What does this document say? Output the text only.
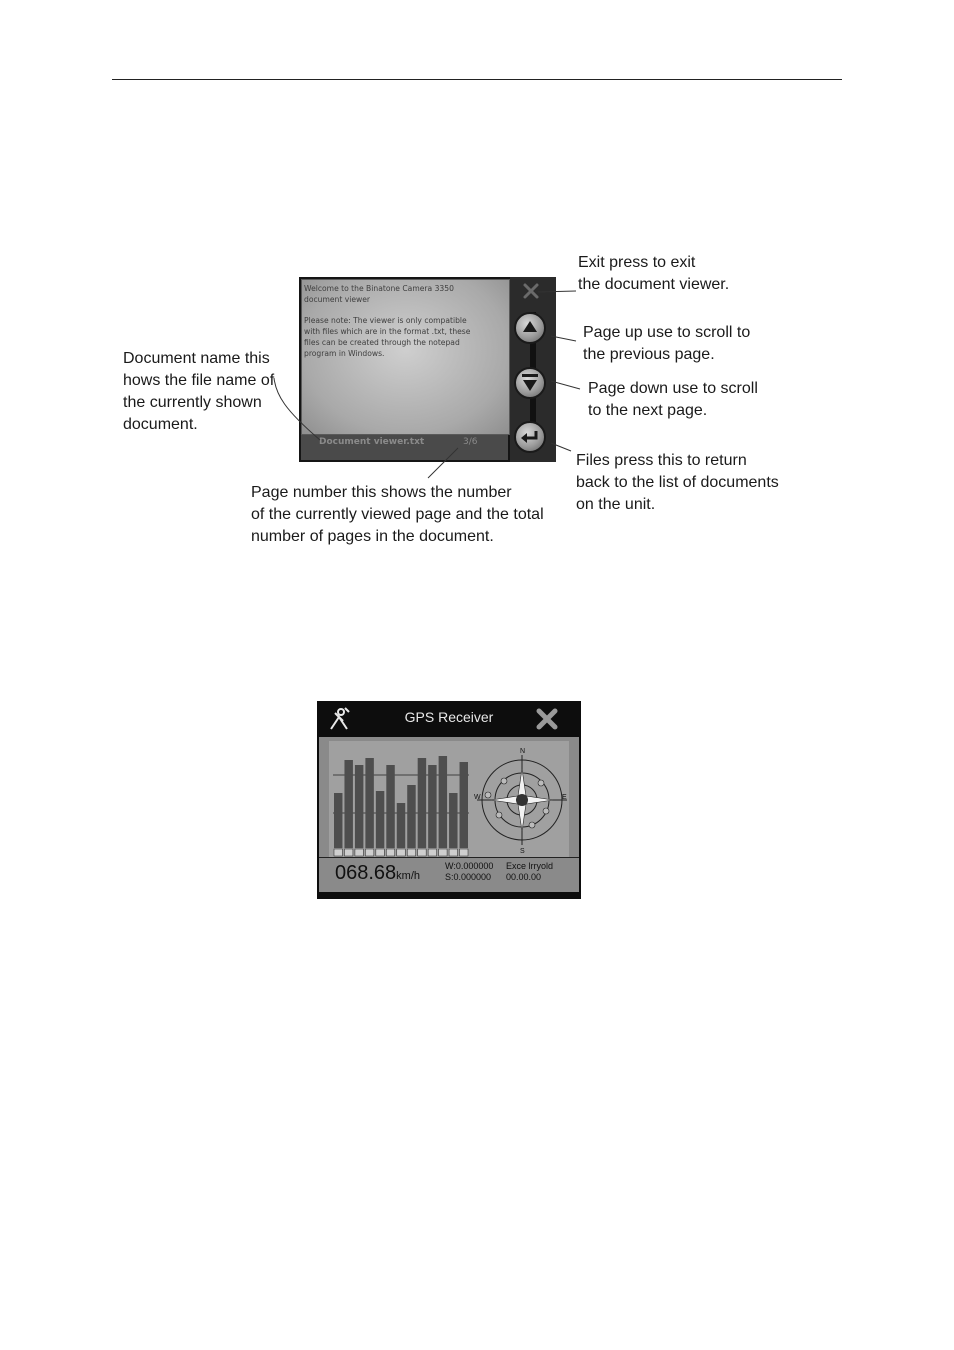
Welcome to the Binatone Camera 3350
document viewer

Please note: The viewer is only compatible
with files which are in the format .txt, these
files can be created through the notepad
program in Windows.

Document viewer.txt	3/6
Exit press to exit
the document viewer.
Page up use to scroll to
the previous page.
Page down use to scroll
to the next page.
Files press this to return
back to the list of documents
on the unit.
Document name this
hows the file name of
the currently shown
document.
Page number this shows the number
of the currently viewed page and the total
number of pages in the document.
GPS Receiver
N
S
E
W
068.68km/h
W:0.000000
S:0.000000
Exce lrryold
00.00.00
